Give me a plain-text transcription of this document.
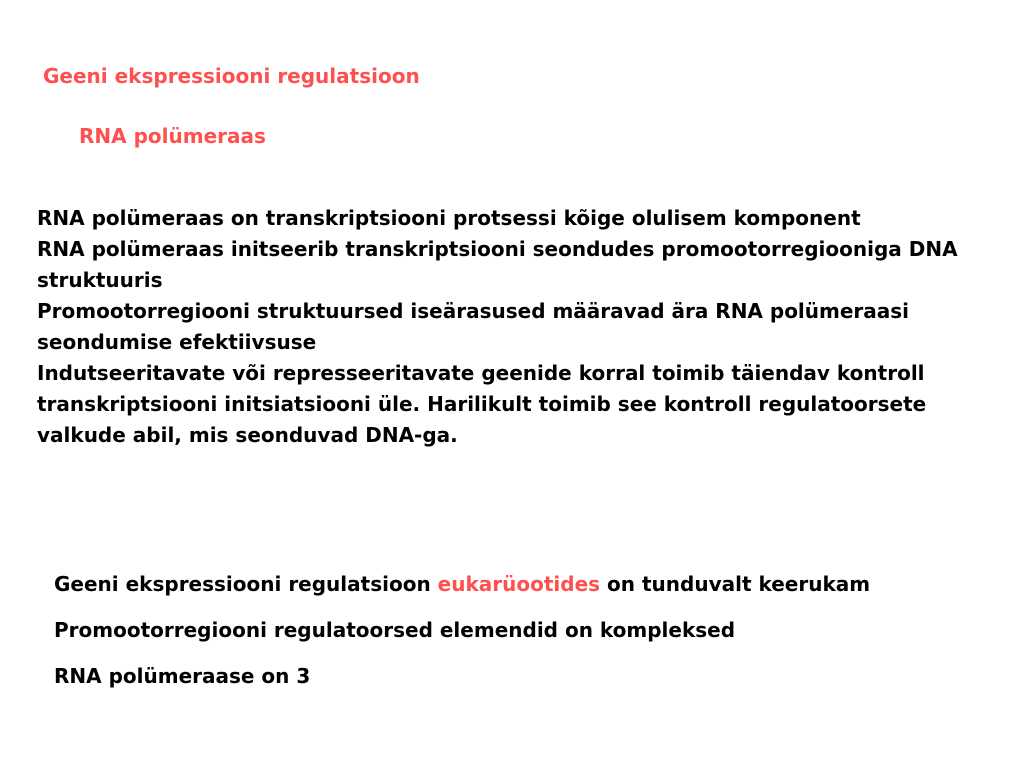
Geeni ekspressiooni regulatsioon
RNA polümeraas

RNA polümeraas on transkriptsiooni protsessi kõige olulisem komponent

RNA polümeraas initseerib transkriptsiooni seondudes promootorregiooniga DNA struktuuris

Promootorregiooni struktuursed iseärasused määravad ära RNA polümeraasi seondumise efektiivsuse

Indutseeritavate või represseeritavate geenide korral toimib täiendav kontroll transkriptsiooni initsiatsiooni üle. Harilikult toimib see kontroll regulatoorsete valkude abil, mis seonduvad DNA-ga.

Geeni ekspressiooni regulatsioon eukarüootides on tunduvalt keerukam

Promootorregiooni regulatoorsed elemendid on kompleksed

RNA polümeraase on 3
